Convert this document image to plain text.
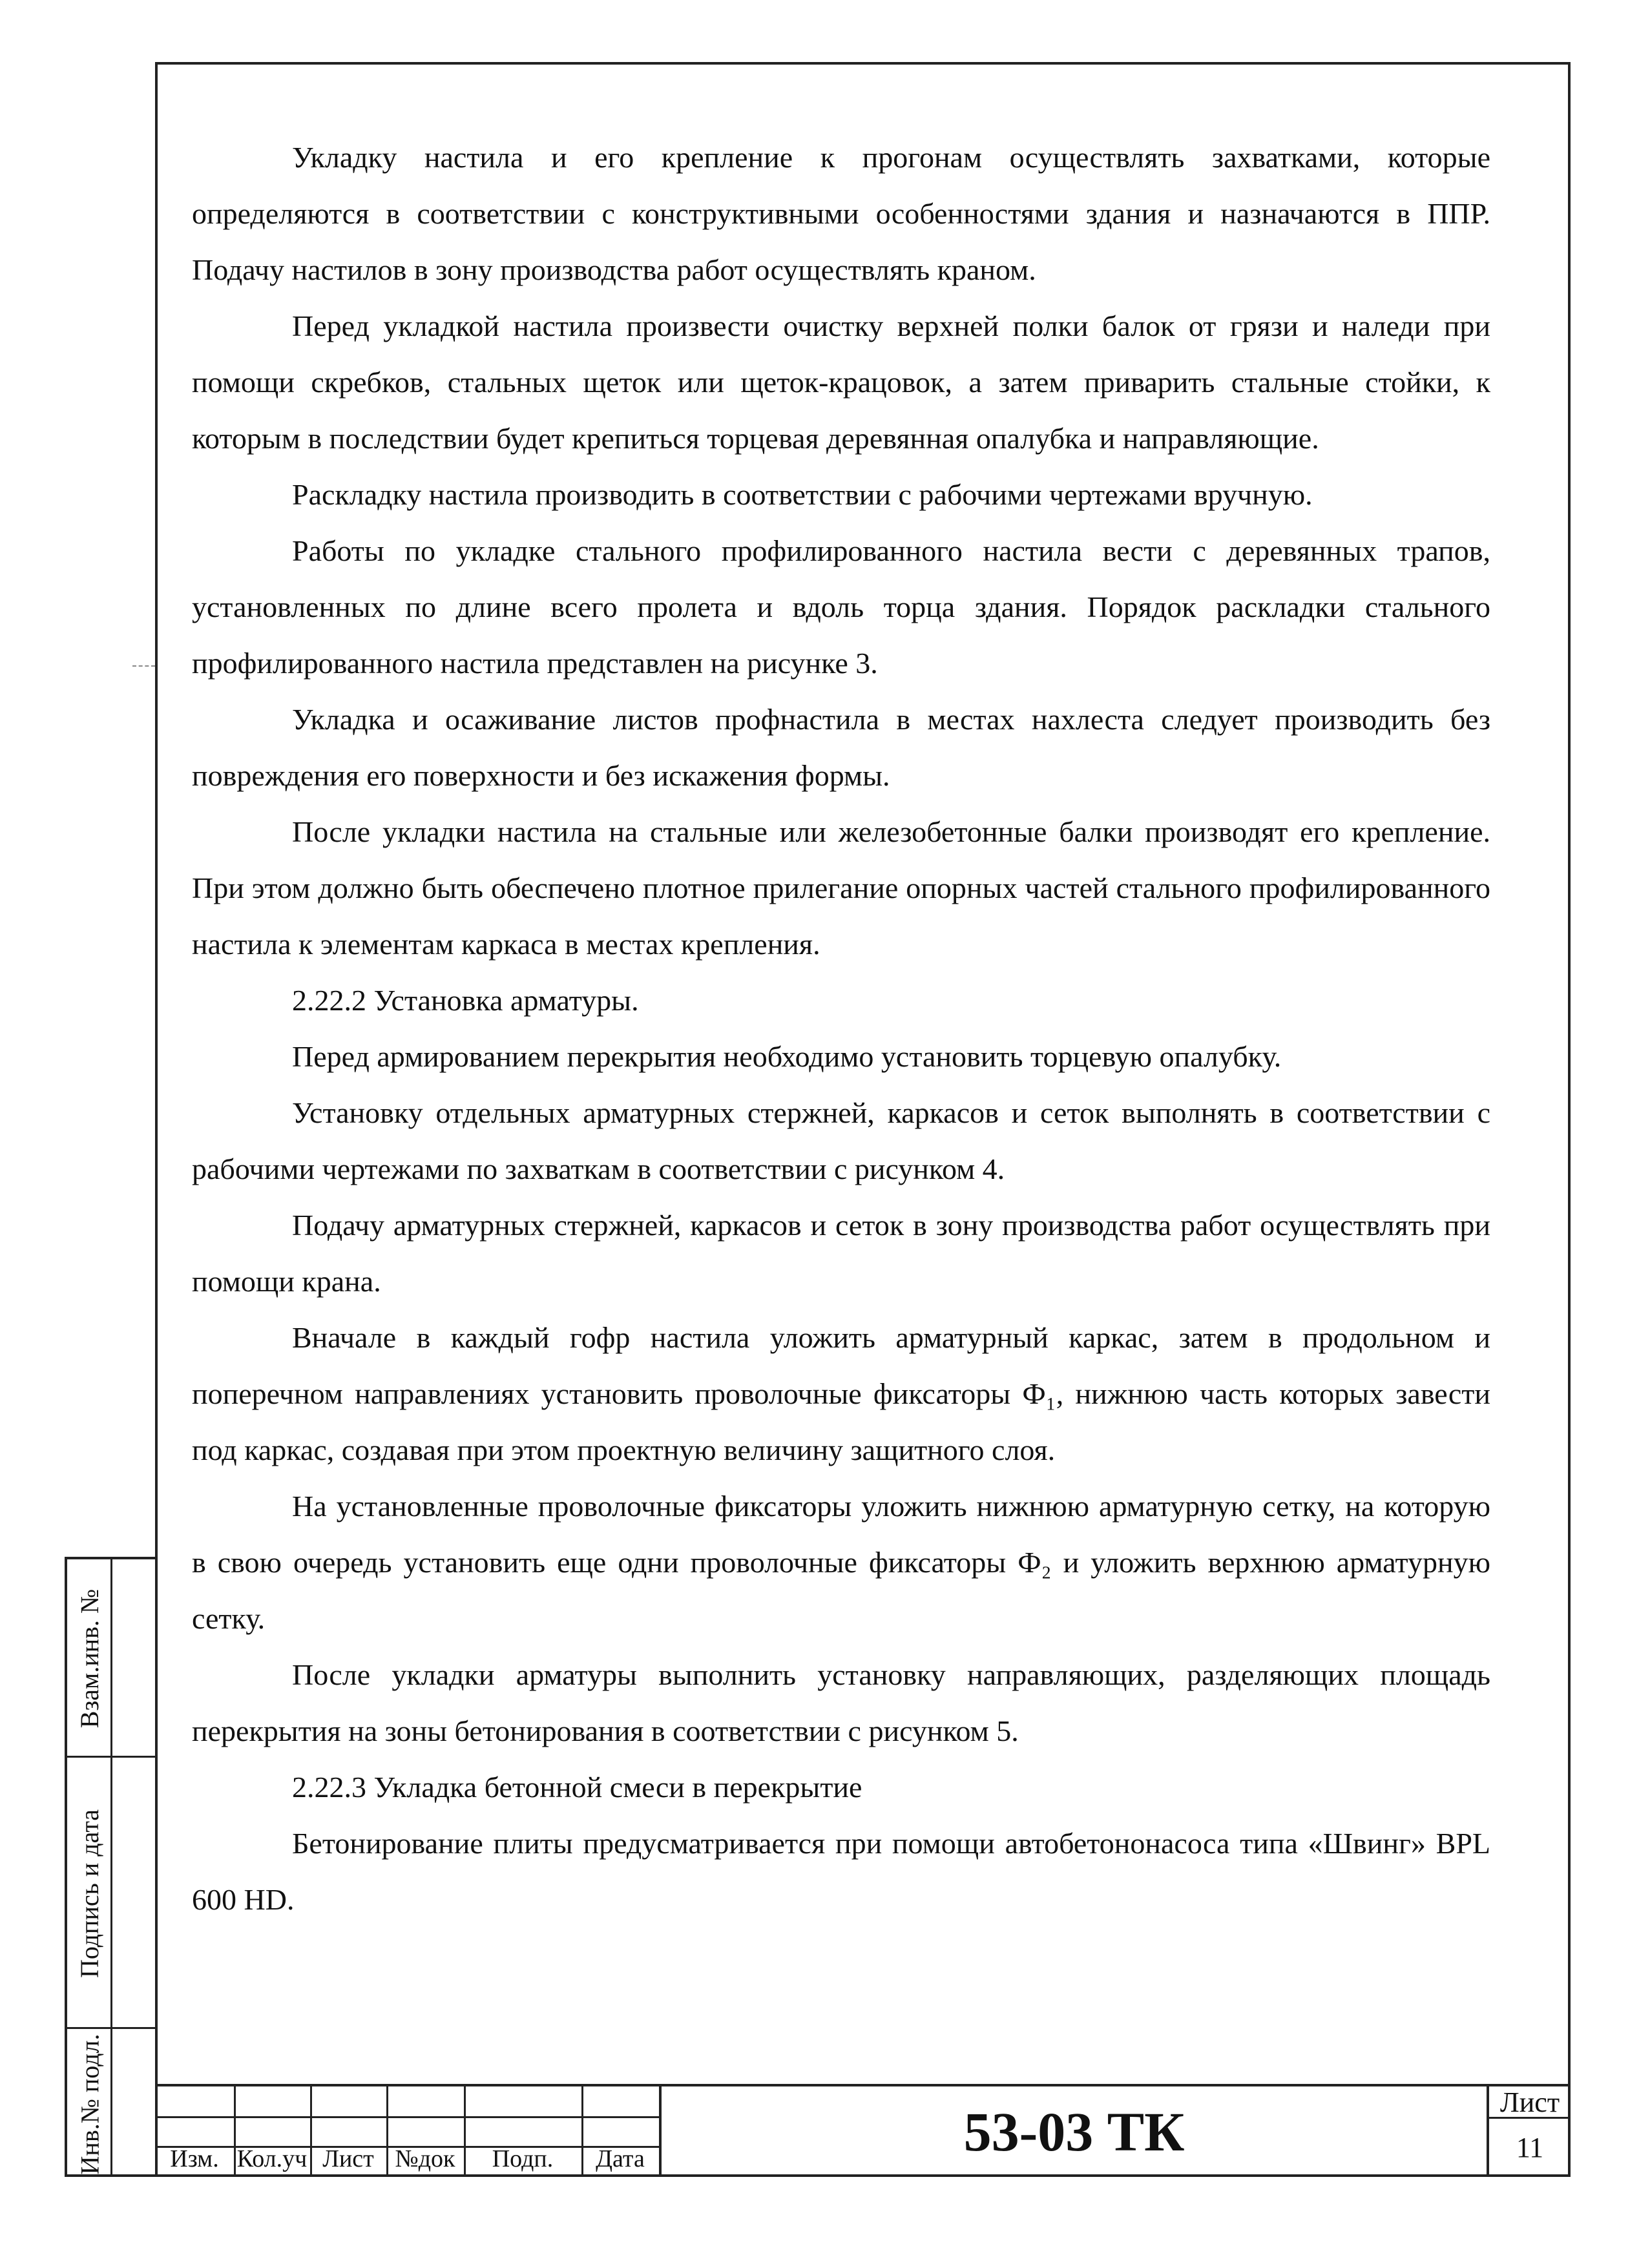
Укладку настила и его крепление к прогонам осуществлять захватками, которые определяются в соответствии с конструктивными особенностями здания и назначаются в ППР. Подачу настилов в зону производства работ осуществлять краном.

Перед укладкой настила произвести очистку верхней полки балок от грязи и наледи при помощи скребков, стальных щеток или щеток-крацовок, а затем приварить стальные стойки, к которым в последствии будет крепиться торцевая деревянная опалубка и направляющие.

Раскладку настила производить в соответствии с рабочими чертежами вручную.

Работы по укладке стального профилированного настила вести с деревянных трапов, установленных по длине всего пролета и вдоль торца здания. Порядок раскладки стального профилированного настила представлен на рисунке 3.

Укладка и осаживание листов профнастила в местах нахлеста следует производить без повреждения его поверхности и без искажения формы.

После укладки настила на стальные или железобетонные балки производят его крепление. При этом должно быть обеспечено плотное прилегание опорных частей стального профилированного настила к элементам каркаса в местах крепления.

2.22.2 Установка арматуры.

Перед армированием перекрытия необходимо установить торцевую опалубку.

Установку отдельных арматурных стержней, каркасов и сеток выполнять в соответствии с рабочими чертежами по захваткам в соответствии с рисунком 4.

Подачу арматурных стержней, каркасов и сеток в зону производства работ осуществлять при помощи крана.

Вначале в каждый гофр настила уложить арматурный каркас, затем в продольном и поперечном направлениях установить проволочные фиксаторы Ф₁, нижнюю часть которых завести под каркас, создавая при этом проектную величину защитного слоя.

На установленные проволочные фиксаторы уложить нижнюю арматурную сетку, на которую в свою очередь установить еще одни проволочные фиксаторы Ф₂ и уложить верхнюю арматурную сетку.

После укладки арматуры выполнить установку направляющих, разделяющих площадь перекрытия на зоны бетонирования в соответствии с рисунком 5.

2.22.3 Укладка бетонной смеси в перекрытие

Бетонирование плиты предусматривается при помощи автобетононасоса типа «Швинг» BPL 600 HD.

Взам.инв. №
Подпись и дата
Инв.№ подл.	Изм. Кол.уч Лист №док	Подп.	Дата	53-03 ТК	Лист
11
